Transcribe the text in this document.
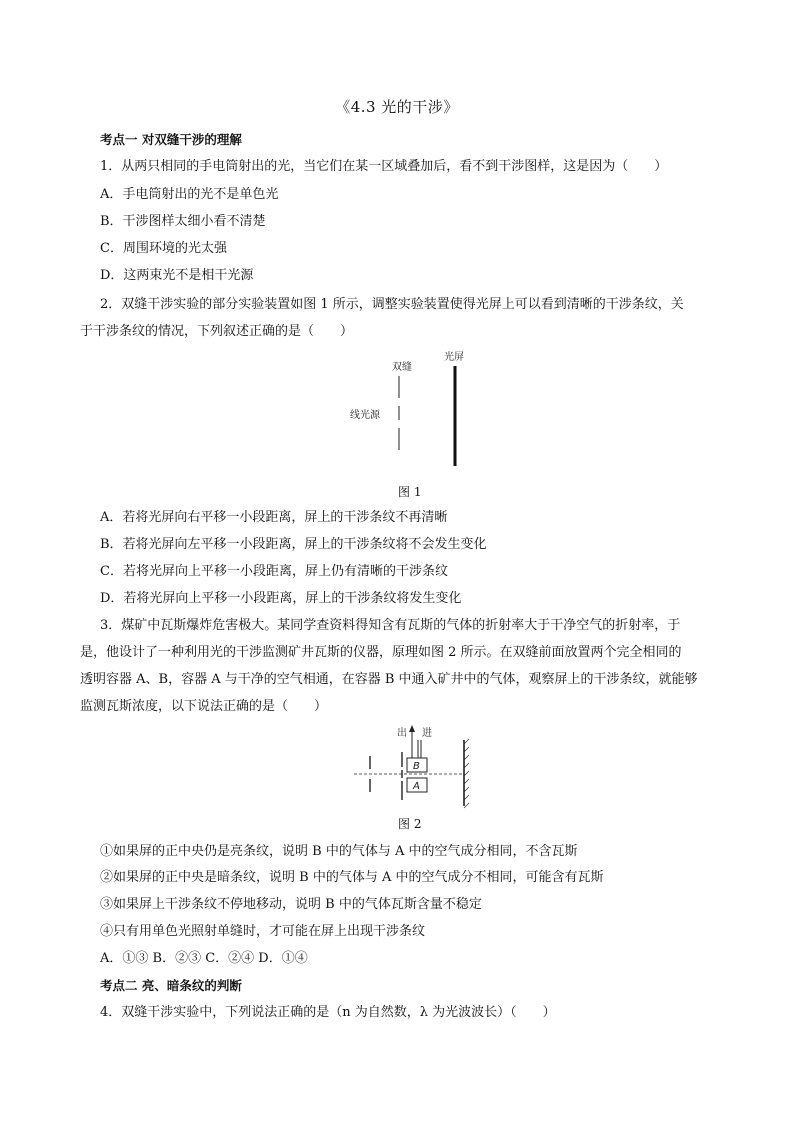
《4.3 光的干涉》
考点一 对双缝干涉的理解
1．从两只相同的手电筒射出的光，当它们在某一区域叠加后，看不到干涉图样，这是因为（　　）
A．手电筒射出的光不是单色光
B．干涉图样太细小看不清楚
C．周围环境的光太强
D．这两束光不是相干光源
2．双缝干涉实验的部分实验装置如图 1 所示，调整实验装置使得光屏上可以看到清晰的干涉条纹，关
于干涉条纹的情况，下列叙述正确的是（　　）
双缝
光屏
线光源
图 1
A．若将光屏向右平移一小段距离，屏上的干涉条纹不再清晰
B．若将光屏向左平移一小段距离，屏上的干涉条纹将不会发生变化
C．若将光屏向上平移一小段距离，屏上仍有清晰的干涉条纹
D．若将光屏向上平移一小段距离，屏上的干涉条纹将发生变化
3．煤矿中瓦斯爆炸危害极大。某同学查资料得知含有瓦斯的气体的折射率大于干净空气的折射率，于
是，他设计了一种利用光的干涉监测矿井瓦斯的仪器，原理如图 2 所示。在双缝前面放置两个完全相同的
透明容器 A、B，容器 A 与干净的空气相通，在容器 B 中通入矿井中的气体，观察屏上的干涉条纹，就能够
监测瓦斯浓度，以下说法正确的是（　　）
出 进
B
A
图 2
①如果屏的正中央仍是亮条纹，说明 B 中的气体与 A 中的空气成分相同，不含瓦斯
②如果屏的正中央是暗条纹，说明 B 中的气体与 A 中的空气成分不相同，可能含有瓦斯
③如果屏上干涉条纹不停地移动，说明 B 中的气体瓦斯含量不稳定
④只有用单色光照射单缝时，才可能在屏上出现干涉条纹
A．①③ B．②③ C．②④ D．①④
考点二 亮、暗条纹的判断
4．双缝干涉实验中，下列说法正确的是（n 为自然数，λ 为光波波长）（　　）
